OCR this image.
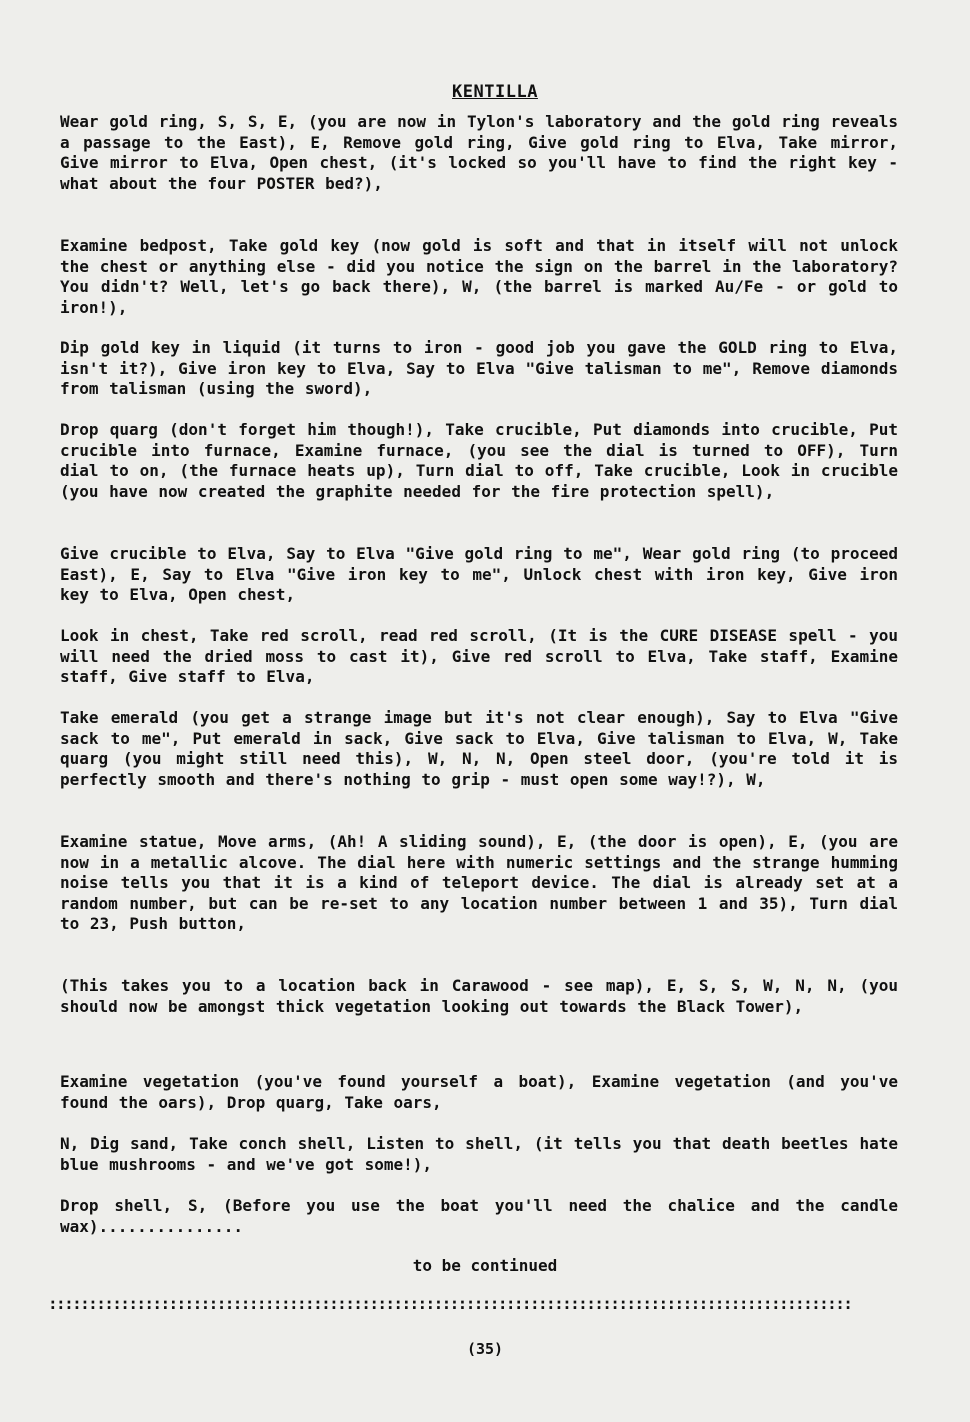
KENTILLA

Wear gold ring, S, S, E, (you are now in Tylon's laboratory and the gold ring reveals a passage to the East), E, Remove gold ring, Give gold ring to Elva, Take mirror, Give mirror to Elva, Open chest, (it's locked so you'll have to find the right key - what about the four POSTER bed?),

Examine bedpost, Take gold key (now gold is soft and that in itself will not unlock the chest or anything else - did you notice the sign on the barrel in the laboratory? You didn't? Well, let's go back there), W, (the barrel is marked Au/Fe - or gold to iron!),

Dip gold key in liquid (it turns to iron - good job you gave the GOLD ring to Elva, isn't it?), Give iron key to Elva, Say to Elva "Give talisman to me", Remove diamonds from talisman (using the sword),

Drop quarg (don't forget him though!), Take crucible, Put diamonds into crucible, Put crucible into furnace, Examine furnace, (you see the dial is turned to OFF), Turn dial to on, (the furnace heats up), Turn dial to off, Take crucible, Look in crucible (you have now created the graphite needed for the fire protection spell),

Give crucible to Elva, Say to Elva "Give gold ring to me", Wear gold ring (to proceed East), E, Say to Elva "Give iron key to me", Unlock chest with iron key, Give iron key to Elva, Open chest,

Look in chest, Take red scroll, read red scroll, (It is the CURE DISEASE spell - you will need the dried moss to cast it), Give red scroll to Elva, Take staff, Examine staff, Give staff to Elva,

Take emerald (you get a strange image but it's not clear enough), Say to Elva "Give sack to me", Put emerald in sack, Give sack to Elva, Give talisman to Elva, W, Take quarg (you might still need this), W, N, N, Open steel door, (you're told it is perfectly smooth and there's nothing to grip - must open some way!?), W,

Examine statue, Move arms, (Ah! A sliding sound), E, (the door is open), E, (you are now in a metallic alcove. The dial here with numeric settings and the strange humming noise tells you that it is a kind of teleport device. The dial is already set at a random number, but can be re-set to any location number between 1 and 35), Turn dial to 23, Push button,

(This takes you to a location back in Carawood - see map), E, S, S, W, N, N, (you should now be amongst thick vegetation looking out towards the Black Tower),

Examine vegetation (you've found yourself a boat), Examine vegetation (and you've found the oars), Drop quarg, Take oars,

N, Dig sand, Take conch shell, Listen to shell, (it tells you that death beetles hate blue mushrooms - and we've got some!),

Drop shell, S, (Before you use the boat you'll need the chalice and the candle wax)...............

to be continued
::::::::::::::::::::::::::::::::::::::::::::::::::::::::::::::::::::::::::::::::::::::::::::::::::::
(35)
